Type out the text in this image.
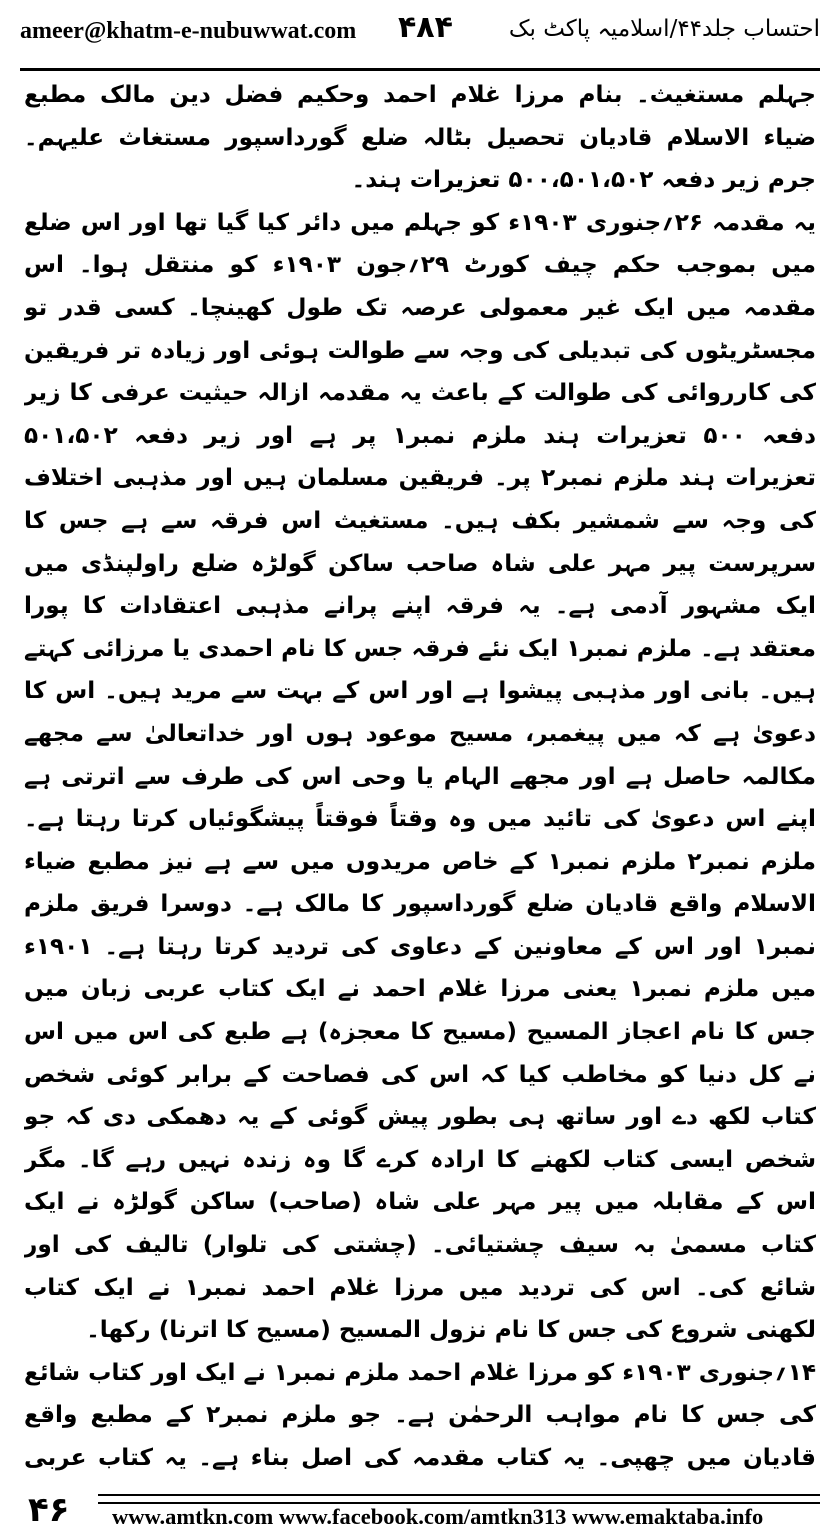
ameer@khatm-e-nubuwwat.com ۴۸۴ احتساب جلد۴۴/اسلامیہ پاکٹ بک

جہلم مستغیث۔ بنام مرزا غلام احمد وحکیم فضل دین مالک مطبع ضیاء الاسلام قادیان تحصیل بٹالہ ضلع گورداسپور مستغاث علیہم۔ جرم زیر دفعہ ۵۰۰،۵۰۱،۵۰۲ تعزیرات ہند۔

یہ مقدمہ ۲۶؍جنوری ۱۹۰۳ء کو جہلم میں دائر کیا گیا تھا اور اس ضلع میں بموجب حکم چیف کورٹ ۲۹؍جون ۱۹۰۳ء کو منتقل ہوا۔ اس مقدمہ میں ایک غیر معمولی عرصہ تک طول کھینچا۔ کسی قدر تو مجسٹریٹوں کی تبدیلی کی وجہ سے طوالت ہوئی اور زیادہ تر فریقین کی کارروائی کی طوالت کے باعث یہ مقدمہ ازالہ حیثیت عرفی کا زیر دفعہ ۵۰۰ تعزیرات ہند ملزم نمبر۱ پر ہے اور زیر دفعہ ۵۰۱،۵۰۲ تعزیرات ہند ملزم نمبر۲ پر۔ فریقین مسلمان ہیں اور مذہبی اختلاف کی وجہ سے شمشیر بکف ہیں۔ مستغیث اس فرقہ سے ہے جس کا سرپرست پیر مہر علی شاہ صاحب ساکن گولڑہ ضلع راولپنڈی میں ایک مشہور آدمی ہے۔ یہ فرقہ اپنے پرانے مذہبی اعتقادات کا پورا معتقد ہے۔ ملزم نمبر۱ ایک نئے فرقہ جس کا نام احمدی یا مرزائی کہتے ہیں۔ بانی اور مذہبی پیشوا ہے اور اس کے بہت سے مرید ہیں۔ اس کا دعویٰ ہے کہ میں پیغمبر، مسیح موعود ہوں اور خداتعالیٰ سے مجھے مکالمہ حاصل ہے اور مجھے الہام یا وحی اس کی طرف سے اترتی ہے اپنے اس دعویٰ کی تائید میں وہ وقتاً فوقتاً پیشگوئیاں کرتا رہتا ہے۔ ملزم نمبر۲ ملزم نمبر۱ کے خاص مریدوں میں سے ہے نیز مطبع ضیاء الاسلام واقع قادیان ضلع گورداسپور کا مالک ہے۔ دوسرا فریق ملزم نمبر۱ اور اس کے معاونین کے دعاوی کی تردید کرتا رہتا ہے۔ ۱۹۰۱ء میں ملزم نمبر۱ یعنی مرزا غلام احمد نے ایک کتاب عربی زبان میں جس کا نام اعجاز المسیح (مسیح کا معجزہ) ہے طبع کی اس میں اس نے کل دنیا کو مخاطب کیا کہ اس کی فصاحت کے برابر کوئی شخص کتاب لکھ دے اور ساتھ ہی بطور پیش گوئی کے یہ دھمکی دی کہ جو شخص ایسی کتاب لکھنے کا ارادہ کرے گا وہ زندہ نہیں رہے گا۔ مگر اس کے مقابلہ میں پیر مہر علی شاہ (صاحب) ساکن گولڑہ نے ایک کتاب مسمیٰ بہ سیف چشتیائی۔ (چشتی کی تلوار) تالیف کی اور شائع کی۔ اس کی تردید میں مرزا غلام احمد نمبر۱ نے ایک کتاب لکھنی شروع کی جس کا نام نزول المسیح (مسیح کا اترنا) رکھا۔

۱۴؍جنوری ۱۹۰۳ء کو مرزا غلام احمد ملزم نمبر۱ نے ایک اور کتاب شائع کی جس کا نام مواہب الرحمٰن ہے۔ جو ملزم نمبر۲ کے مطبع واقع قادیان میں چھپی۔ یہ کتاب مقدمہ کی اصل بناء ہے۔ یہ کتاب عربی

۴۶ www.amtkn.com www.facebook.com/amtkn313 www.emaktaba.info
